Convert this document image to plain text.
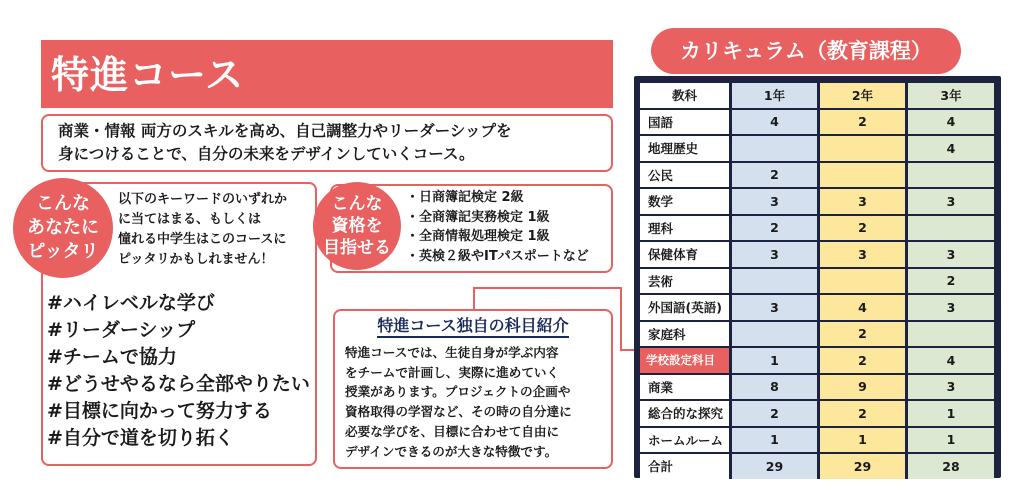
特進コース
商業・情報 両方のスキルを高め、自己調整力やリーダーシップを
身につけることで、自分の未来をデザインしていくコース。
以下のキーワードのいずれか
に当てはまる、もしくは
憧れる中学生はこのコースに
ピッタリかもしれません！
#ハイレベルな学び
#リーダーシップ
#チームで協力
#どうせやるなら全部やりたい
#目標に向かって努力する
#自分で道を切り拓く
こんな
あなたに
ピッタリ
・日商簿記検定 2級
・全商簿記実務検定 1級
・全商情報処理検定 1級
・英検２級やITパスポートなど
こんな
資格を
目指せる
特進コース独自の科目紹介
特進コースでは、生徒自身が学ぶ内容
をチームで計画し、実際に進めていく
授業があります。プロジェクトの企画や
資格取得の学習など、その時の自分達に
必要な学びを、目標に合わせて自由に
デザインできるのが大きな特徴です。
カリキュラム（教育課程）
教科	1年	2年	3年
国語	4	2	4
地理歴史			4
公民	2		
数学	3	3	3
理科	2	2	
保健体育	3	3	3
芸術			2
外国語(英語)	3	4	3
家庭科		2	
学校設定科目	1	2	4
商業	8	9	3
総合的な探究	2	2	1
ホームルーム	1	1	1
合計	29	29	28
